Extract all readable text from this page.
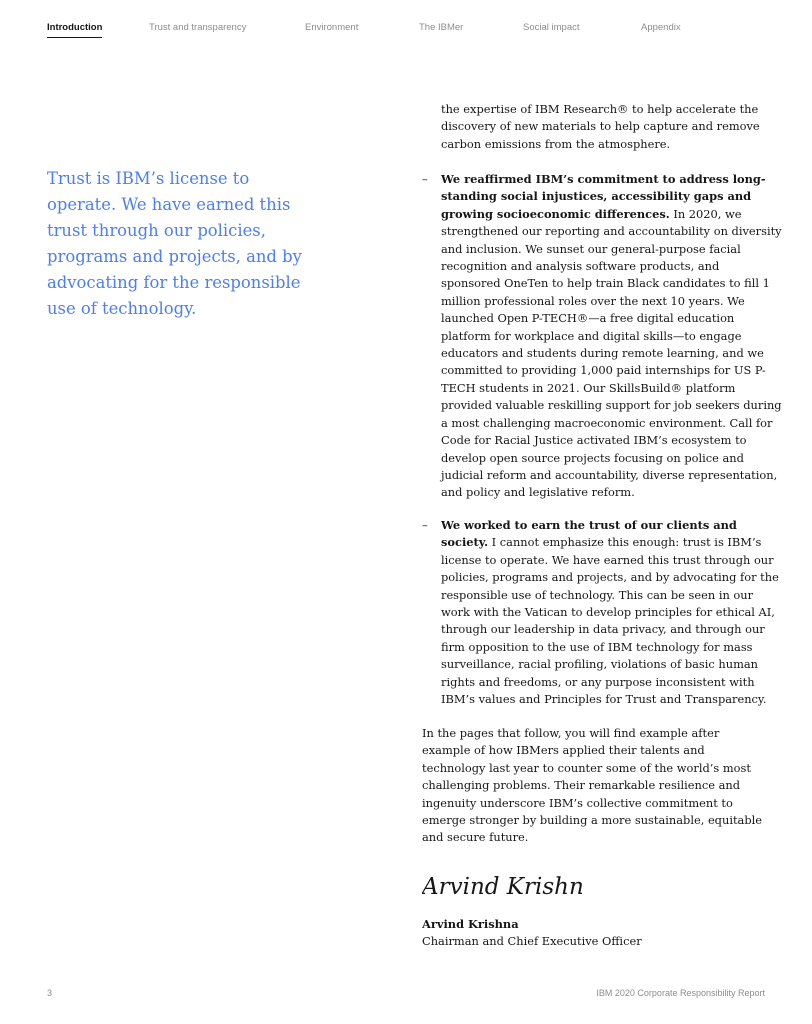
Introduction	Trust and transparency	Environment	The IBMer	Social impact	Appendix

Trust is IBM’s license to operate. We have earned this trust through our policies, programs and projects, and by advocating for the responsible use of technology.

the expertise of IBM Research® to help accelerate the discovery of new materials to help capture and remove carbon emissions from the atmosphere.

– We reaffirmed IBM’s commitment to address long-standing social injustices, accessibility gaps and growing socioeconomic differences. In 2020, we strengthened our reporting and accountability on diversity and inclusion. We sunset our general-purpose facial recognition and analysis software products, and sponsored OneTen to help train Black candidates to fill 1 million professional roles over the next 10 years. We launched Open P-TECH®—a free digital education platform for workplace and digital skills—to engage educators and students during remote learning, and we committed to providing 1,000 paid internships for US P-TECH students in 2021. Our SkillsBuild® platform provided valuable reskilling support for job seekers during a most challenging macroeconomic environment. Call for Code for Racial Justice activated IBM’s ecosystem to develop open source projects focusing on police and judicial reform and accountability, diverse representation, and policy and legislative reform.

– We worked to earn the trust of our clients and society. I cannot emphasize this enough: trust is IBM’s license to operate. We have earned this trust through our policies, programs and projects, and by advocating for the responsible use of technology. This can be seen in our work with the Vatican to develop principles for ethical AI, through our leadership in data privacy, and through our firm opposition to the use of IBM technology for mass surveillance, racial profiling, violations of basic human rights and freedoms, or any purpose inconsistent with IBM’s values and Principles for Trust and Transparency.

In the pages that follow, you will find example after example of how IBMers applied their talents and technology last year to counter some of the world’s most challenging problems. Their remarkable resilience and ingenuity underscore IBM’s collective commitment to emerge stronger by building a more sustainable, equitable and secure future.

Arvind Krishna

Arvind Krishna

Chairman and Chief Executive Officer

3	IBM 2020 Corporate Responsibility Report
